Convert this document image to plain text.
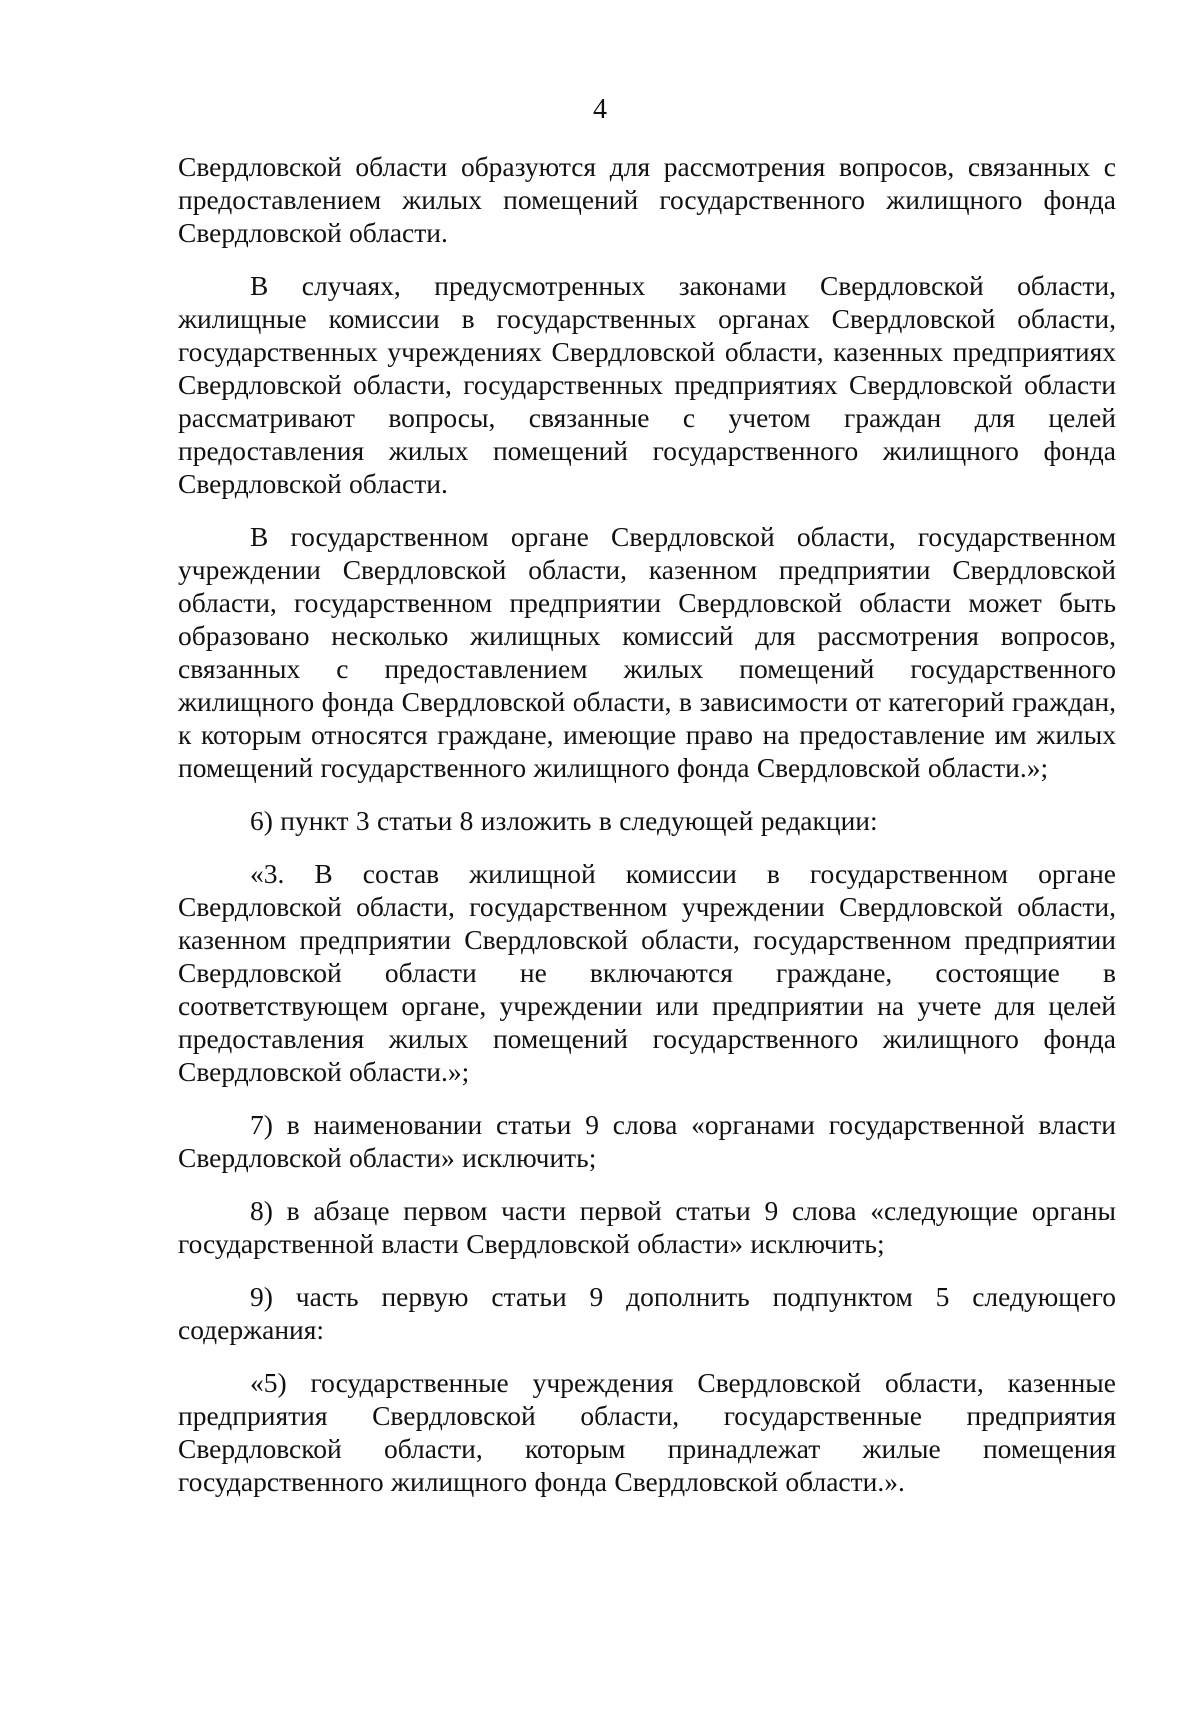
4

Свердловской области образуются для рассмотрения вопросов, связанных с предоставлением жилых помещений государственного жилищного фонда Свердловской области.

В случаях, предусмотренных законами Свердловской области, жилищные комиссии в государственных органах Свердловской области, государственных учреждениях Свердловской области, казенных предприятиях Свердловской области, государственных предприятиях Свердловской области рассматривают вопросы, связанные с учетом граждан для целей предоставления жилых помещений государственного жилищного фонда Свердловской области.

В государственном органе Свердловской области, государственном учреждении Свердловской области, казенном предприятии Свердловской области, государственном предприятии Свердловской области может быть образовано несколько жилищных комиссий для рассмотрения вопросов, связанных с предоставлением жилых помещений государственного жилищного фонда Свердловской области, в зависимости от категорий граждан, к которым относятся граждане, имеющие право на предоставление им жилых помещений государственного жилищного фонда Свердловской области.»;

6) пункт 3 статьи 8 изложить в следующей редакции:

«3. В состав жилищной комиссии в государственном органе Свердловской области, государственном учреждении Свердловской области, казенном предприятии Свердловской области, государственном предприятии Свердловской области не включаются граждане, состоящие в соответствующем органе, учреждении или предприятии на учете для целей предоставления жилых помещений государственного жилищного фонда Свердловской области.»;

7) в наименовании статьи 9 слова «органами государственной власти Свердловской области» исключить;

8) в абзаце первом части первой статьи 9 слова «следующие органы государственной власти Свердловской области» исключить;

9) часть первую статьи 9 дополнить подпунктом 5 следующего содержания:

«5) государственные учреждения Свердловской области, казенные предприятия Свердловской области, государственные предприятия Свердловской области, которым принадлежат жилые помещения государственного жилищного фонда Свердловской области.».
